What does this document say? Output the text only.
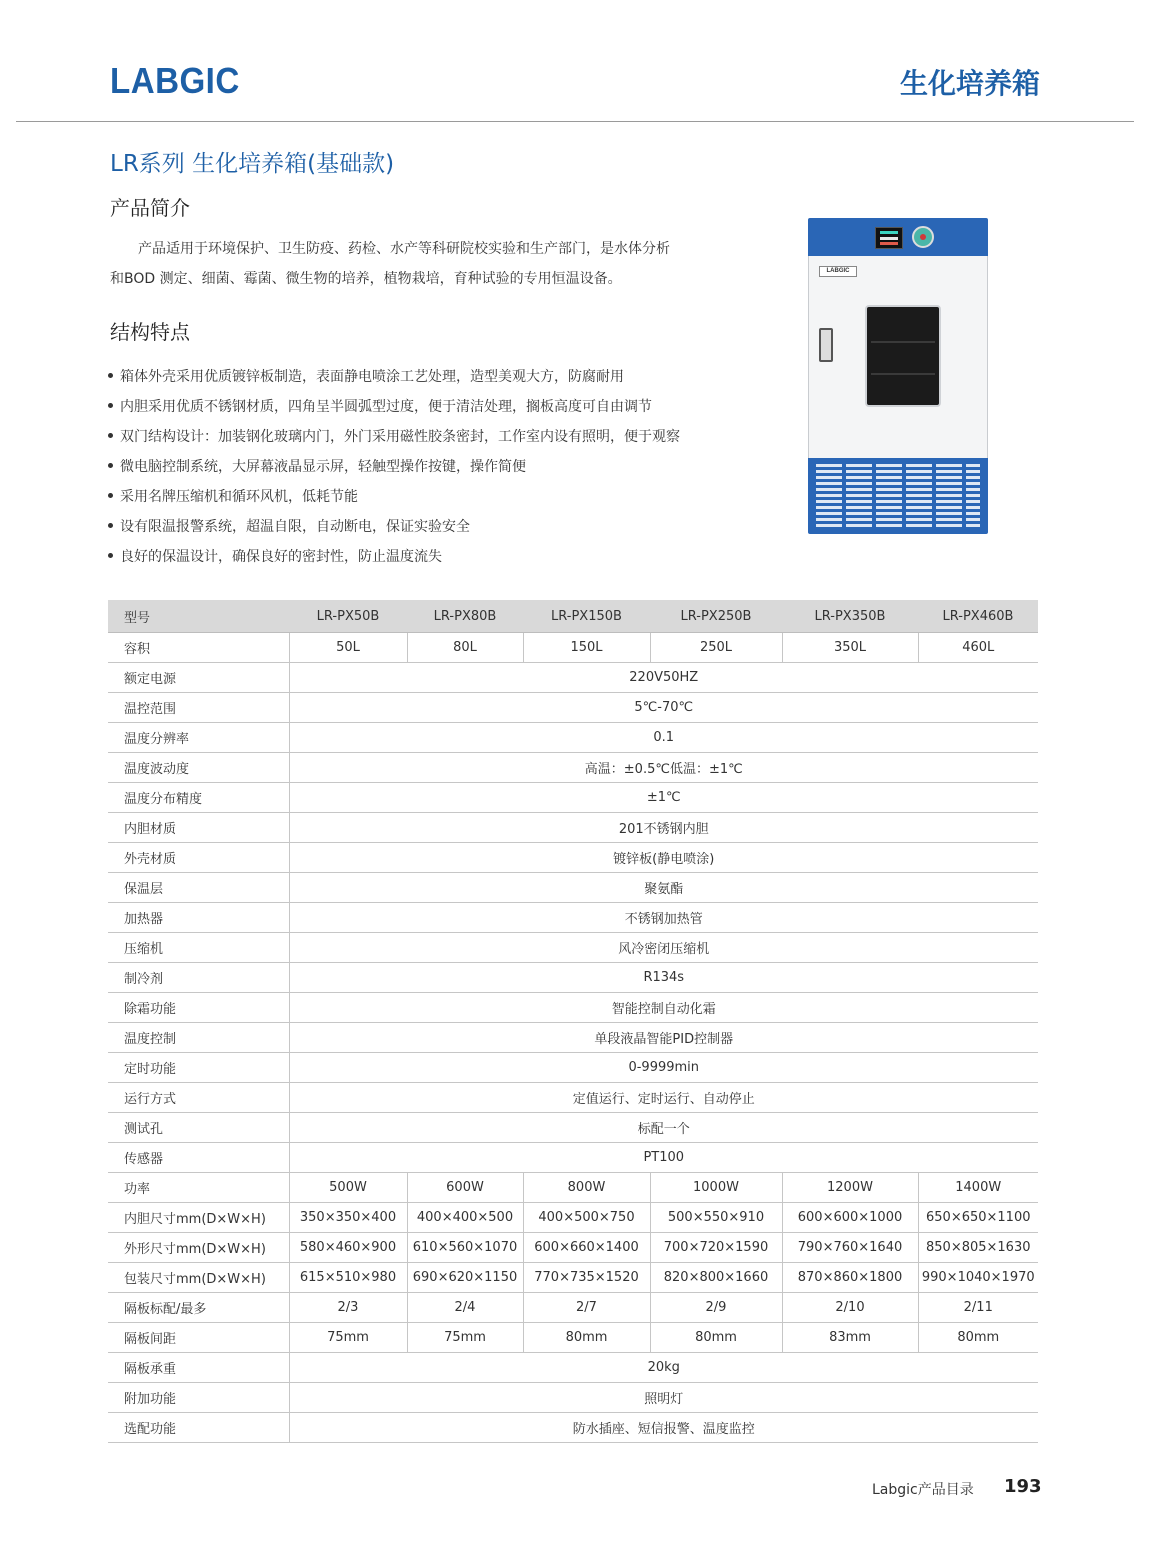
LABGIC	生化培养箱
LR系列 生化培养箱(基础款)
产品简介
产品适用于环境保护、卫生防疫、药检、水产等科研院校实验和生产部门，是水体分析和BOD 测定、细菌、霉菌、微生物的培养，植物栽培，育种试验的专用恒温设备。
结构特点
箱体外壳采用优质镀锌板制造，表面静电喷涂工艺处理，造型美观大方，防腐耐用
内胆采用优质不锈钢材质，四角呈半圆弧型过度，便于清洁处理，搁板高度可自由调节
双门结构设计：加装钢化玻璃内门，外门采用磁性胶条密封，工作室内设有照明，便于观察
微电脑控制系统，大屏幕液晶显示屏，轻触型操作按键，操作简便
采用名牌压缩机和循环风机，低耗节能
设有限温报警系统，超温自限，自动断电，保证实验安全
良好的保温设计，确保良好的密封性，防止温度流失
LABGIC
型号	LR-PX50B	LR-PX80B	LR-PX150B	LR-PX250B	LR-PX350B	LR-PX460B
容积	50L	80L	150L	250L	350L	460L
额定电源	220V50HZ					
温控范围	5℃-70℃					
温度分辨率	0.1					
温度波动度	高温：±0.5℃低温：±1℃					
温度分布精度	±1℃					
内胆材质	201不锈钢内胆					
外壳材质	镀锌板(静电喷涂)					
保温层	聚氨酯					
加热器	不锈钢加热管					
压缩机	风冷密闭压缩机					
制冷剂	R134s					
除霜功能	智能控制自动化霜					
温度控制	单段液晶智能PID控制器					
定时功能	0-9999min					
运行方式	定值运行、定时运行、自动停止					
测试孔	标配一个					
传感器	PT100					
功率	500W	600W	800W	1000W	1200W	1400W
内胆尺寸mm(D×W×H)	350×350×400	400×400×500	400×500×750	500×550×910	600×600×1000	650×650×1100
外形尺寸mm(D×W×H)	580×460×900	610×560×1070	600×660×1400	700×720×1590	790×760×1640	850×805×1630
包装尺寸mm(D×W×H)	615×510×980	690×620×1150	770×735×1520	820×800×1660	870×860×1800	990×1040×1970
隔板标配/最多	2/3	2/4	2/7	2/9	2/10	2/11
隔板间距	75mm	75mm	80mm	80mm	83mm	80mm
隔板承重	20kg					
附加功能	照明灯					
选配功能	防水插座、短信报警、温度监控					
Labgic产品目录 193
